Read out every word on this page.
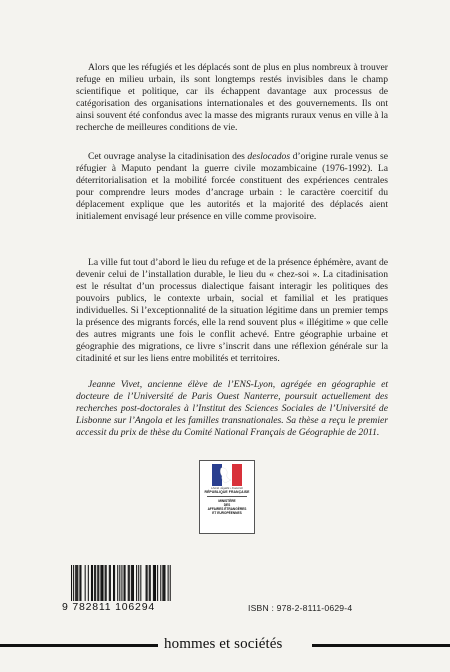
Alors que les réfugiés et les déplacés sont de plus en plus nombreux à trouver refuge en milieu urbain, ils sont longtemps restés invisibles dans le champ scientifique et politique, car ils échappent davantage aux processus de catégorisation des organisations internationales et des gouvernements. Ils ont ainsi souvent été confondus avec la masse des migrants ruraux venus en ville à la recherche de meilleures conditions de vie.

Cet ouvrage analyse la citadinisation des deslocados d’origine rurale venus se réfugier à Maputo pendant la guerre civile mozambicaine (1976-1992). La déterritorialisation et la mobilité forcée constituent des expériences centrales pour comprendre leurs modes d’ancrage urbain : le caractère coercitif du déplacement explique que les autorités et la majorité des déplacés aient initialement envisagé leur présence en ville comme provisoire.

La ville fut tout d’abord le lieu du refuge et de la présence éphémère, avant de devenir celui de l’installation durable, le lieu du « chez-soi ». La citadinisation est le résultat d’un processus dialectique faisant interagir les politiques des pouvoirs publics, le contexte urbain, social et familial et les pratiques individuelles. Si l’exceptionnalité de la situation légitime dans un premier temps la présence des migrants forcés, elle la rend souvent plus « illégitime » que celle des autres migrants une fois le conflit achevé. Entre géographie urbaine et géographie des migrations, ce livre s’inscrit dans une réflexion générale sur la citadinité et sur les liens entre mobilités et territoires.

Jeanne Vivet, ancienne élève de l’ENS-Lyon, agrégée en géographie et docteure de l’Université de Paris Ouest Nanterre, poursuit actuellement des recherches post-doctorales à l’Institut des Sciences Sociales de l’Université de Lisbonne sur l’Angola et les familles transnationales. Sa thèse a reçu le premier accessit du prix de thèse du Comité National Français de Géographie de 2011.

Liberté • Égalité • Fraternité
RÉPUBLIQUE FRANÇAISE
MINISTÈRE
DES
AFFAIRES ÉTRANGÈRES
ET EUROPÉENNES
9 782811 106294	ISBN : 978-2-8111-0629-4
hommes et sociétés
